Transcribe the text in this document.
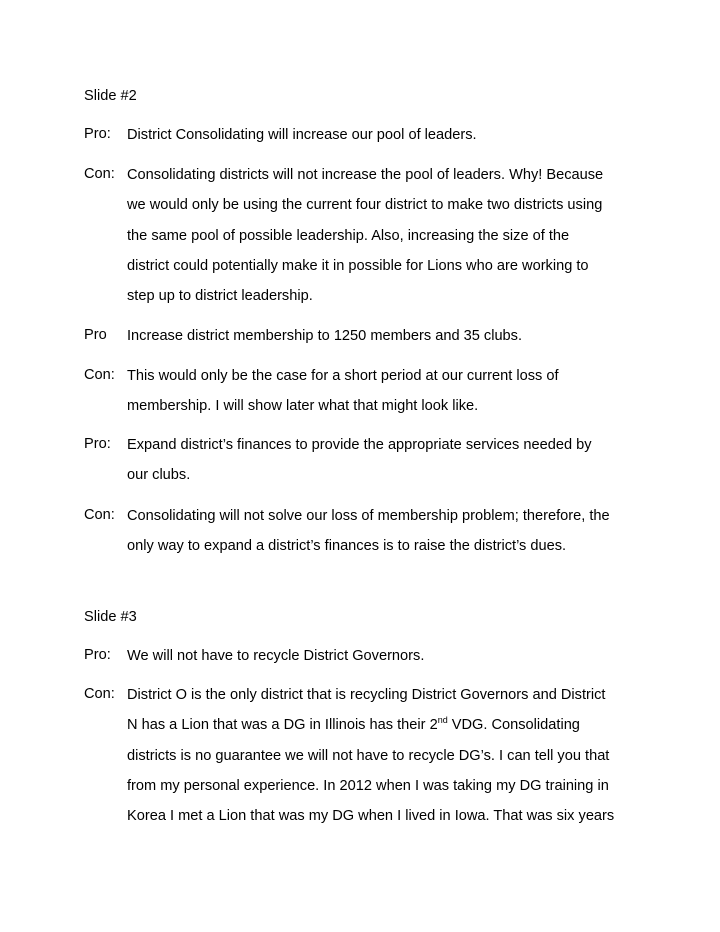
Slide #2
Pro: District Consolidating will increase our pool of leaders.
Con: Consolidating districts will not increase the pool of leaders. Why! Because
we would only be using the current four district to make two districts using
the same pool of possible leadership. Also, increasing the size of the
district could potentially make it in possible for Lions who are working to
step up to district leadership.
Pro Increase district membership to 1250 members and 35 clubs.
Con: This would only be the case for a short period at our current loss of
membership. I will show later what that might look like.
Pro: Expand district’s finances to provide the appropriate services needed by
our clubs.
Con: Consolidating will not solve our loss of membership problem; therefore, the
only way to expand a district’s finances is to raise the district’s dues.
Slide #3
Pro: We will not have to recycle District Governors.
Con: District O is the only district that is recycling District Governors and District
N has a Lion that was a DG in Illinois has their 2nd VDG. Consolidating
districts is no guarantee we will not have to recycle DG’s. I can tell you that
from my personal experience. In 2012 when I was taking my DG training in
Korea I met a Lion that was my DG when I lived in Iowa. That was six years
